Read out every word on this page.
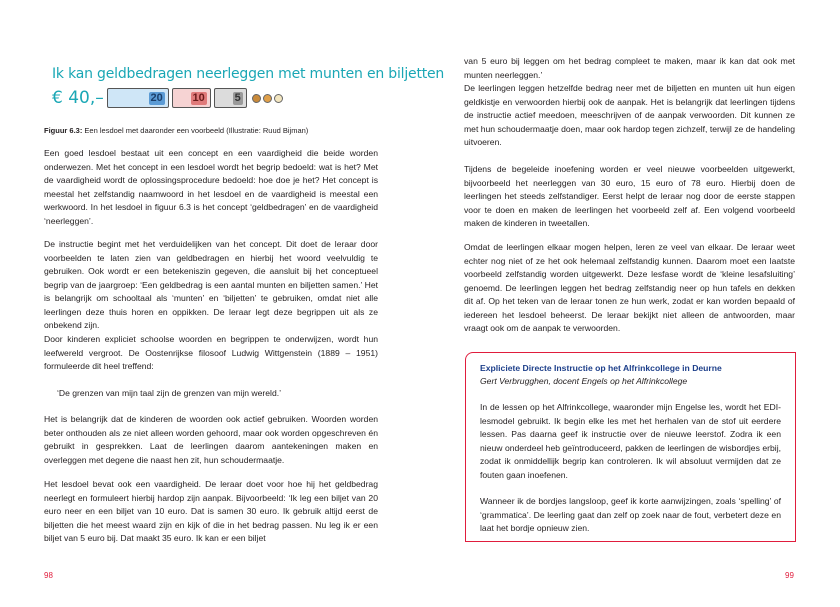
Ik kan geldbedragen neerleggen met munten en biljetten
€ 40,–	20	10	5
Figuur 6.3: Een lesdoel met daaronder een voorbeeld (Illustratie: Ruud Bijman)

Een goed lesdoel bestaat uit een concept en een vaardigheid die beide worden onderwezen. Met het concept in een lesdoel wordt het begrip bedoeld: wat is het? Met de vaardigheid wordt de oplossingsprocedure bedoeld: hoe doe je het? Het concept is meestal het zelfstandig naamwoord in het lesdoel en de vaardigheid is meestal een werkwoord. In het lesdoel in figuur 6.3 is het concept ‘geldbedragen’ en de vaardigheid ‘neerleggen’.

De instructie begint met het verduidelijken van het concept. Dit doet de leraar door voorbeelden te laten zien van geldbedragen en hierbij het woord veelvuldig te gebruiken. Ook wordt er een betekeniszin gegeven, die aansluit bij het conceptueel begrip van de jaargroep: ‘Een geldbedrag is een aantal munten en biljetten samen.’ Het is belangrijk om schooltaal als ‘munten’ en ‘biljetten’ te gebruiken, omdat niet alle leerlingen deze thuis horen en oppikken. De leraar legt deze begrippen uit als ze onbekend zijn.

Door kinderen expliciet schoolse woorden en begrippen te onderwijzen, wordt hun leefwereld vergroot. De Oostenrijkse filosoof Ludwig Wittgenstein (1889 – 1951) formuleerde dit heel treffend:

‘De grenzen van mijn taal zijn de grenzen van mijn wereld.’

Het is belangrijk dat de kinderen de woorden ook actief gebruiken. Woorden worden beter onthouden als ze niet alleen worden gehoord, maar ook worden opgeschreven én gebruikt in gesprekken. Laat de leerlingen daarom aantekeningen maken en overleggen met degene die naast hen zit, hun schoudermaatje.

Het lesdoel bevat ook een vaardigheid. De leraar doet voor hoe hij het geldbedrag neerlegt en formuleert hierbij hardop zijn aanpak. Bijvoorbeeld: ‘Ik leg een biljet van 20 euro neer en een biljet van 10 euro. Dat is samen 30 euro. Ik gebruik altijd eerst de biljetten die het meest waard zijn en kijk of die in het bedrag passen. Nu leg ik er een biljet van 5 euro bij. Dat maakt 35 euro. Ik kan er een biljet

van 5 euro bij leggen om het bedrag compleet te maken, maar ik kan dat ook met munten neerleggen.’

De leerlingen leggen hetzelfde bedrag neer met de biljetten en munten uit hun eigen geldkistje en verwoorden hierbij ook de aanpak. Het is belangrijk dat leerlingen tijdens de instructie actief meedoen, meeschrijven of de aanpak verwoorden. Dit kunnen ze met hun schoudermaatje doen, maar ook hardop tegen zichzelf, terwijl ze de handeling uitvoeren.

Tijdens de begeleide inoefening worden er veel nieuwe voorbeelden uitgewerkt, bijvoorbeeld het neerleggen van 30 euro, 15 euro of 78 euro. Hierbij doen de leerlingen het steeds zelfstandiger. Eerst helpt de leraar nog door de eerste stappen voor te doen en maken de leerlingen het voorbeeld zelf af. Een volgend voorbeeld maken de kinderen in tweetallen.

Omdat de leerlingen elkaar mogen helpen, leren ze veel van elkaar. De leraar weet echter nog niet of ze het ook helemaal zelfstandig kunnen. Daarom moet een laatste voorbeeld zelfstandig worden uitgewerkt. Deze lesfase wordt de ‘kleine lesafsluiting’ genoemd. De leerlingen leggen het bedrag zelfstandig neer op hun tafels en dekken dit af. Op het teken van de leraar tonen ze hun werk, zodat er kan worden bepaald of iedereen het lesdoel beheerst. De leraar bekijkt niet alleen de antwoorden, maar vraagt ook om de aanpak te verwoorden.

Expliciete Directe Instructie op het Alfrinkcollege in Deurne

Gert Verbrugghen, docent Engels op het Alfrinkcollege

In de lessen op het Alfrinkcollege, waaronder mijn Engelse les, wordt het EDI-lesmodel gebruikt. Ik begin elke les met het herhalen van de stof uit eerdere lessen. Pas daarna geef ik instructie over de nieuwe leerstof. Zodra ik een nieuw onderdeel heb geïntroduceerd, pakken de leerlingen de wisbordjes erbij, zodat ik onmiddellijk begrip kan controleren. Ik wil absoluut vermijden dat ze fouten gaan inoefenen.

Wanneer ik de bordjes langsloop, geef ik korte aanwijzingen, zoals ‘spelling’ of ‘grammatica’. De leerling gaat dan zelf op zoek naar de fout, verbetert deze en laat het bordje opnieuw zien.

98	99
